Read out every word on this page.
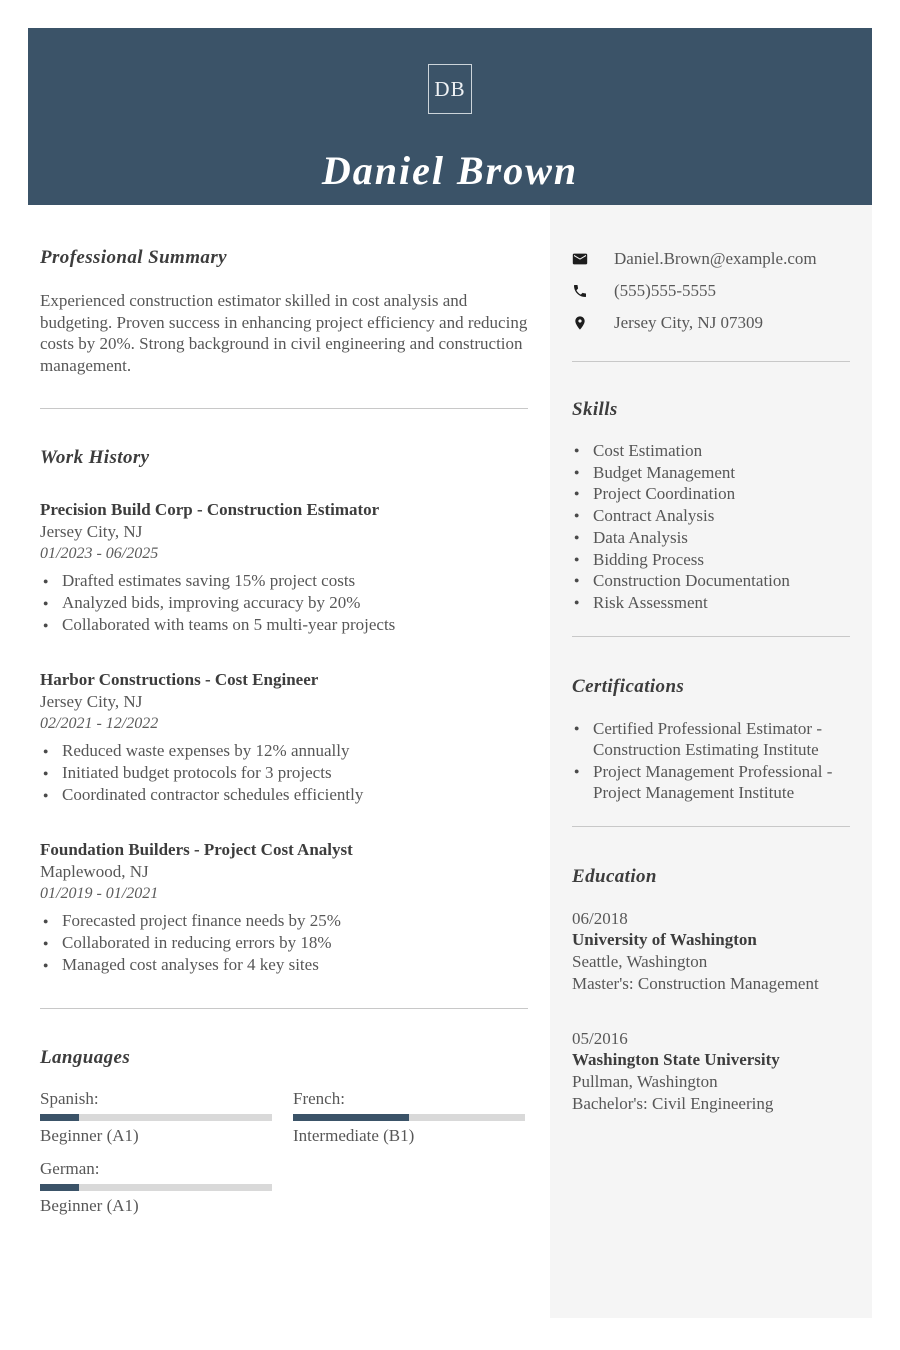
DB
Daniel Brown
Professional Summary

Experienced construction estimator skilled in cost analysis and budgeting. Proven success in enhancing project efficiency and reducing costs by 20%. Strong background in civil engineering and construction management.

Work History
Precision Build Corp - Construction Estimator
Jersey City, NJ
01/2023 - 06/2025
● Drafted estimates saving 15% project costs
● Analyzed bids, improving accuracy by 20%
● Collaborated with teams on 5 multi-year projects
Harbor Constructions - Cost Engineer
Jersey City, NJ
02/2021 - 12/2022
● Reduced waste expenses by 12% annually
● Initiated budget protocols for 3 projects
● Coordinated contractor schedules efficiently
Foundation Builders - Project Cost Analyst
Maplewood, NJ
01/2019 - 01/2021
● Forecasted project finance needs by 25%
● Collaborated in reducing errors by 18%
● Managed cost analyses for 4 key sites
Languages
Spanish:
Beginner (A1)
French:
Intermediate (B1)
German:
Beginner (A1)
Daniel.Brown@example.com
(555)555-5555
Jersey City, NJ 07309
Skills
● Cost Estimation
● Budget Management
● Project Coordination
● Contract Analysis
● Data Analysis
● Bidding Process
● Construction Documentation
● Risk Assessment
Certifications
● Certified Professional Estimator - Construction Estimating Institute
● Project Management Professional - Project Management Institute
Education
06/2018
University of Washington
Seattle, Washington
Master's: Construction Management
05/2016
Washington State University
Pullman, Washington
Bachelor's: Civil Engineering
